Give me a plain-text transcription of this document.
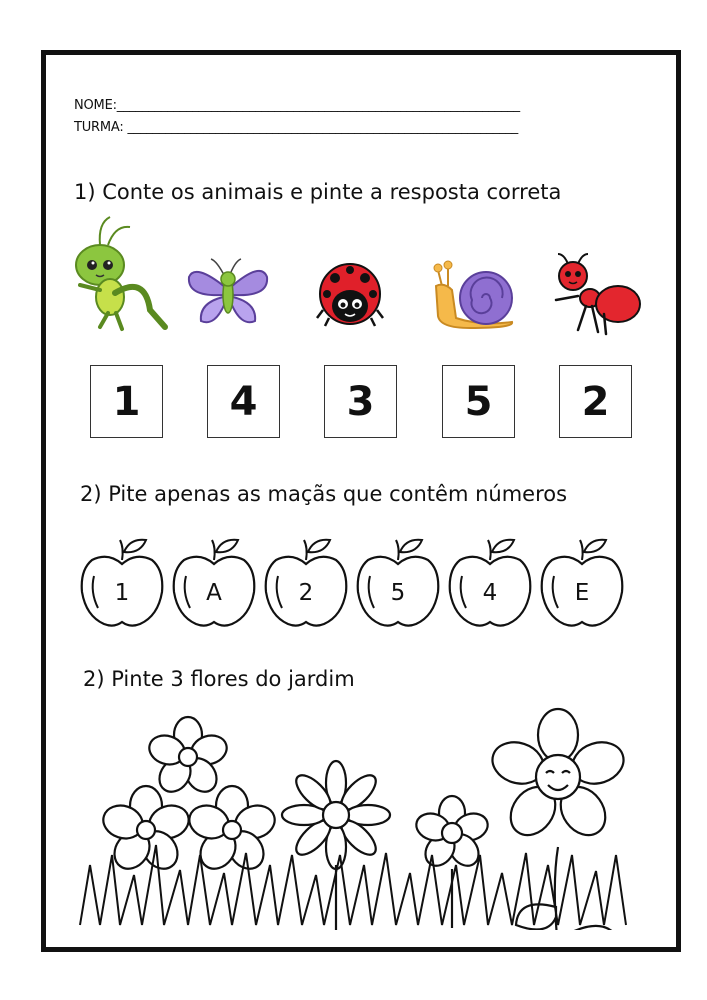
NOME:________________________________________________________________
TURMA: ______________________________________________________________
1) Conte os animais e pinte a resposta correta
1	4	3	5	2
2) Pite apenas as maçãs que contêm números
1	A	2	5	4	E
2) Pinte 3 flores do jardim
